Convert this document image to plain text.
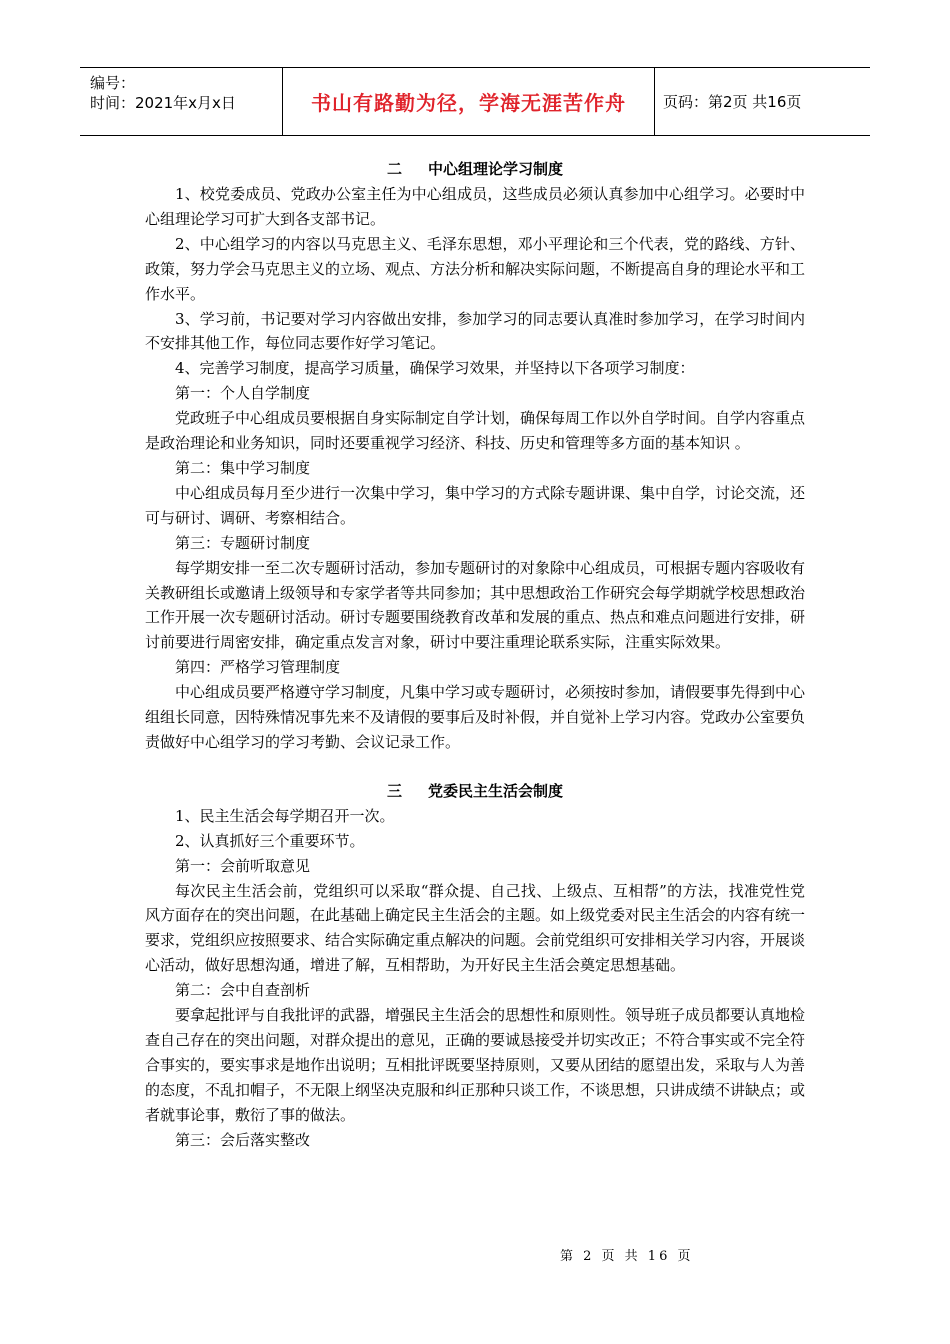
编号：
时间：2021年x月x日	书山有路勤为径，学海无涯苦作舟 页码：第2页 共16页
二 中心组理论学习制度

1、校党委成员、党政办公室主任为中心组成员，这些成员必须认真参加中心组学习。必要时中心组理论学习可扩大到各支部书记。

2、中心组学习的内容以马克思主义、毛泽东思想，邓小平理论和三个代表，党的路线、方针、政策，努力学会马克思主义的立场、观点、方法分析和解决实际问题，不断提高自身的理论水平和工作水平。

3、学习前，书记要对学习内容做出安排，参加学习的同志要认真准时参加学习，在学习时间内不安排其他工作，每位同志要作好学习笔记。

4、完善学习制度，提高学习质量，确保学习效果，并坚持以下各项学习制度：

第一：个人自学制度

党政班子中心组成员要根据自身实际制定自学计划，确保每周工作以外自学时间。自学内容重点是政治理论和业务知识，同时还要重视学习经济、科技、历史和管理等多方面的基本知识 。

第二：集中学习制度

中心组成员每月至少进行一次集中学习，集中学习的方式除专题讲课、集中自学，讨论交流，还可与研讨、调研、考察相结合。

第三：专题研讨制度

每学期安排一至二次专题研讨活动，参加专题研讨的对象除中心组成员，可根据专题内容吸收有关教研组长或邀请上级领导和专家学者等共同参加；其中思想政治工作研究会每学期就学校思想政治工作开展一次专题研讨活动。研讨专题要围绕教育改革和发展的重点、热点和难点问题进行安排，研讨前要进行周密安排，确定重点发言对象，研讨中要注重理论联系实际，注重实际效果。

第四：严格学习管理制度

中心组成员要严格遵守学习制度，凡集中学习或专题研讨，必须按时参加，请假要事先得到中心组组长同意，因特殊情况事先来不及请假的要事后及时补假，并自觉补上学习内容。党政办公室要负责做好中心组学习的学习考勤、会议记录工作。

三 党委民主生活会制度

1、民主生活会每学期召开一次。

2、认真抓好三个重要环节。

第一：会前听取意见

每次民主生活会前，党组织可以采取“群众提、自己找、上级点、互相帮”的方法，找准党性党风方面存在的突出问题，在此基础上确定民主生活会的主题。如上级党委对民主生活会的内容有统一要求，党组织应按照要求、结合实际确定重点解决的问题。会前党组织可安排相关学习内容，开展谈心活动，做好思想沟通，增进了解，互相帮助，为开好民主生活会奠定思想基础。

第二：会中自查剖析

要拿起批评与自我批评的武器，增强民主生活会的思想性和原则性。领导班子成员都要认真地检查自己存在的突出问题，对群众提出的意见，正确的要诚恳接受并切实改正；不符合事实或不完全符合事实的，要实事求是地作出说明；互相批评既要坚持原则，又要从团结的愿望出发，采取与人为善的态度，不乱扣帽子，不无限上纲坚决克服和纠正那种只谈工作，不谈思想，只讲成绩不讲缺点；或者就事论事，敷衍了事的做法。

第三：会后落实整改

第 2 页 共 16 页
